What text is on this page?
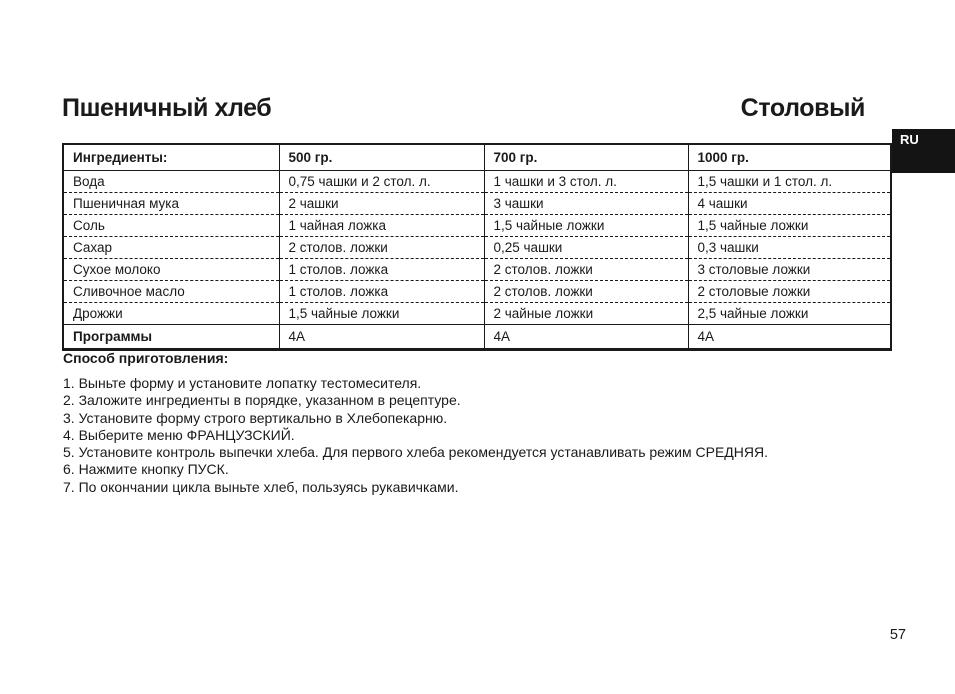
Пшеничный хлеб	Столовый
RU
Ингредиенты:	500 гр.	700 гр.	1000 гр.
Вода	0,75 чашки и 2 стол. л.	1 чашки и 3 стол. л.	1,5 чашки и 1 стол. л.
Пшеничная мука	2 чашки	3 чашки	4 чашки
Соль	1 чайная ложка	1,5 чайные ложки	1,5 чайные ложки
Сахар	2 столов. ложки	0,25 чашки	0,3 чашки
Сухое молоко	1 столов. ложка	2 столов. ложки	3 столовые ложки
Сливочное масло	1 столов. ложка	2 столов. ложки	2 столовые ложки
Дрожжи	1,5 чайные ложки	2 чайные ложки	2,5 чайные ложки
Программы	4A	4A	4A
Способ приготовления:
1. Выньте форму и установите лопатку тестомесителя.
2. Заложите ингредиенты в порядке, указанном в рецептуре.
3. Установите форму строго вертикально в Хлебопекарню.
4. Выберите меню ФРАНЦУЗСКИЙ.
5. Установите контроль выпечки хлеба. Для первого хлеба рекомендуется устанавливать режим СРЕДНЯЯ.
6. Нажмите кнопку ПУСК.
7. По окончании цикла выньте хлеб, пользуясь рукавичками.
57
